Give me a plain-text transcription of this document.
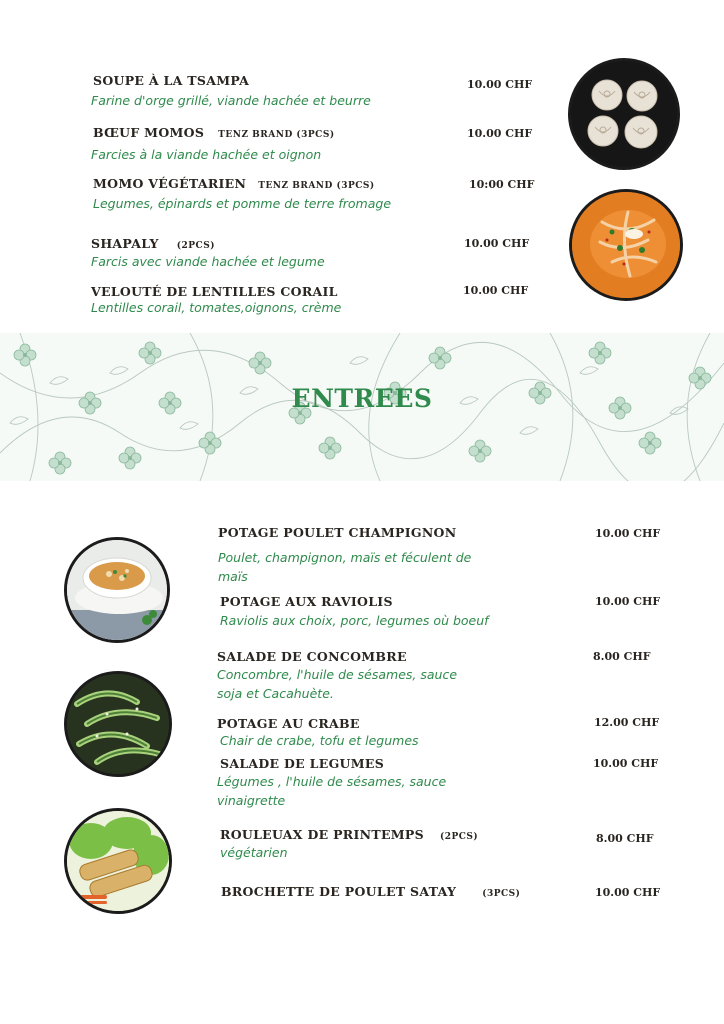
SOUPE À LA TSAMPA
Farine d'orge grillé, viande hachée et beurre
10.00 CHF
BŒUF MOMOS TENZ BRAND (3PCS)
Farcies à la viande hachée et oignon
10.00 CHF
MOMO VÉGÉTARIEN TENZ BRAND (3PCS)
Legumes, épinards et pomme de terre fromage
10:00 CHF
SHAPALY (2PCS)
Farcis avec viande hachée et legume
10.00 CHF
VELOUTÉ DE LENTILLES CORAIL
Lentilles corail, tomates,oignons, crème
10.00 CHF
ENTREES
POTAGE POULET CHAMPIGNON
Poulet, champignon, maïs et féculent de maïs
10.00 CHF
POTAGE AUX RAVIOLIS
Raviolis aux choix, porc, legumes où boeuf
10.00 CHF
SALADE DE CONCOMBRE
Concombre, l'huile de sésames, sauce soja et Cacahuète.
8.00 CHF
POTAGE AU CRABE
Chair de crabe, tofu et legumes
12.00 CHF
SALADE DE LEGUMES
Légumes , l'huile de sésames, sauce vinaigrette
10.00 CHF
ROULEUAX DE PRINTEMPS (2PCS)
végétarien
8.00 CHF
BROCHETTE DE POULET SATAY	(3PCS)	10.00 CHF
